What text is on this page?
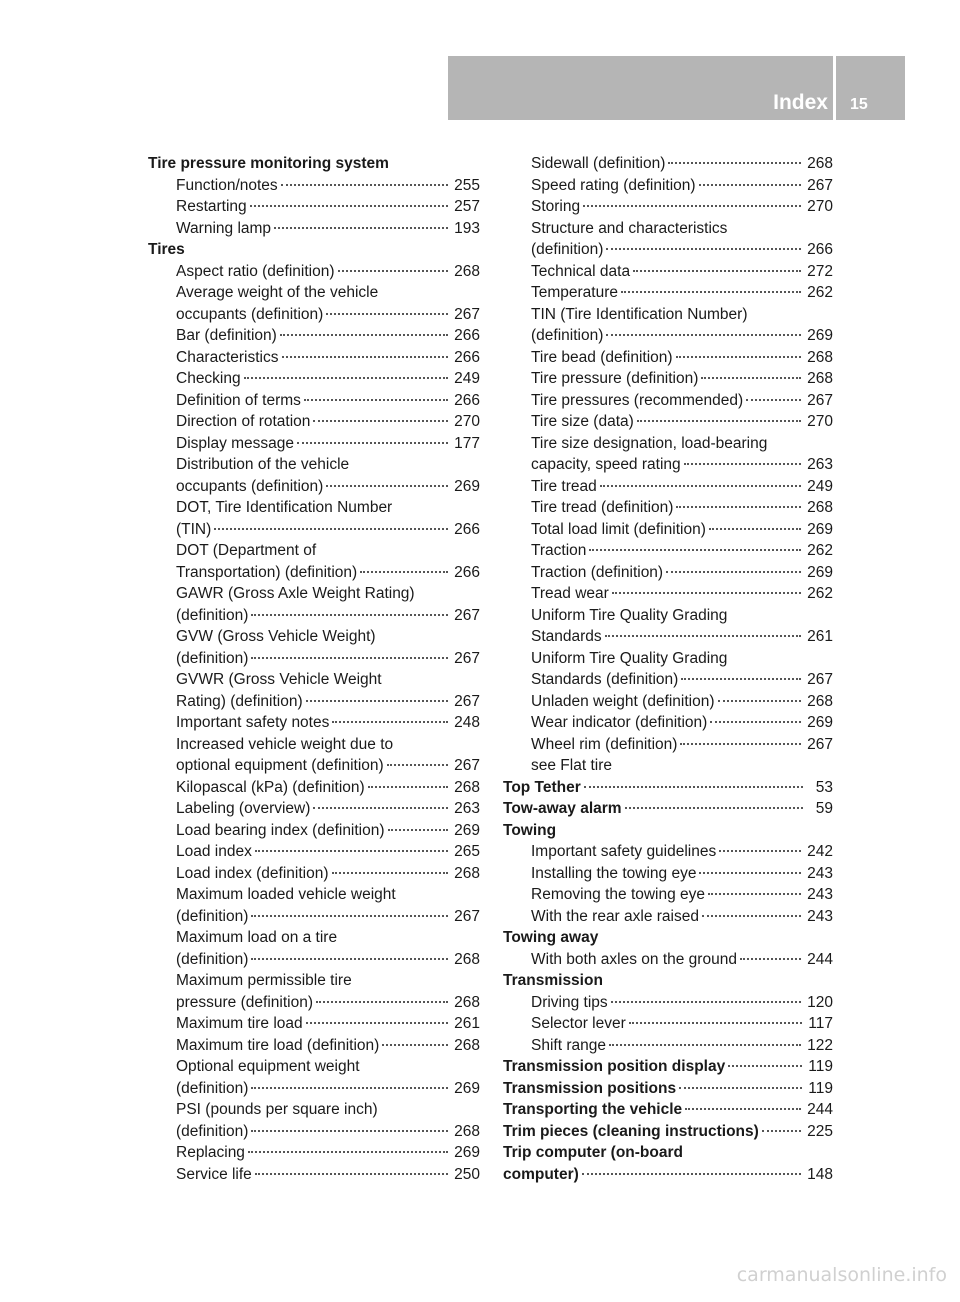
Index	15
Tire pressure monitoring system
Function/notes	255
Restarting	257
Warning lamp	193
Tires
Aspect ratio (definition)	268
Average weight of the vehicle
occupants (definition)	267
Bar (definition)	266
Characteristics	266
Checking	249
Definition of terms	266
Direction of rotation	270
Display message	177
Distribution of the vehicle
occupants (definition)	269
DOT, Tire Identification Number
(TIN)	266
DOT (Department of
Transportation) (definition)	266
GAWR (Gross Axle Weight Rating)
(definition)	267
GVW (Gross Vehicle Weight)
(definition)	267
GVWR (Gross Vehicle Weight
Rating) (definition)	267
Important safety notes	248
Increased vehicle weight due to
optional equipment (definition)	267
Kilopascal (kPa) (definition)	268
Labeling (overview)	263
Load bearing index (definition)	269
Load index	265
Load index (definition)	268
Maximum loaded vehicle weight
(definition)	267
Maximum load on a tire
(definition)	268
Maximum permissible tire
pressure (definition)	268
Maximum tire load	261
Maximum tire load (definition)	268
Optional equipment weight
(definition)	269
PSI (pounds per square inch)
(definition)	268
Replacing	269
Service life	250
Sidewall (definition)	268
Speed rating (definition)	267
Storing	270
Structure and characteristics
(definition)	266
Technical data	272
Temperature	262
TIN (Tire Identification Number)
(definition)	269
Tire bead (definition)	268
Tire pressure (definition)	268
Tire pressures (recommended)	267
Tire size (data)	270
Tire size designation, load-bearing
capacity, speed rating	263
Tire tread	249
Tire tread (definition)	268
Total load limit (definition)	269
Traction	262
Traction (definition)	269
Tread wear	262
Uniform Tire Quality Grading
Standards	261
Uniform Tire Quality Grading
Standards (definition)	267
Unladen weight (definition)	268
Wear indicator (definition)	269
Wheel rim (definition)	267
see Flat tire
Top Tether	53
Tow-away alarm	59
Towing
Important safety guidelines	242
Installing the towing eye	243
Removing the towing eye	243
With the rear axle raised	243
Towing away
With both axles on the ground	244
Transmission
Driving tips	120
Selector lever	117
Shift range	122
Transmission position display	119
Transmission positions	119
Transporting the vehicle	244
Trim pieces (cleaning instructions)	225
Trip computer (on-board
computer)	148
carmanualsonline.info
